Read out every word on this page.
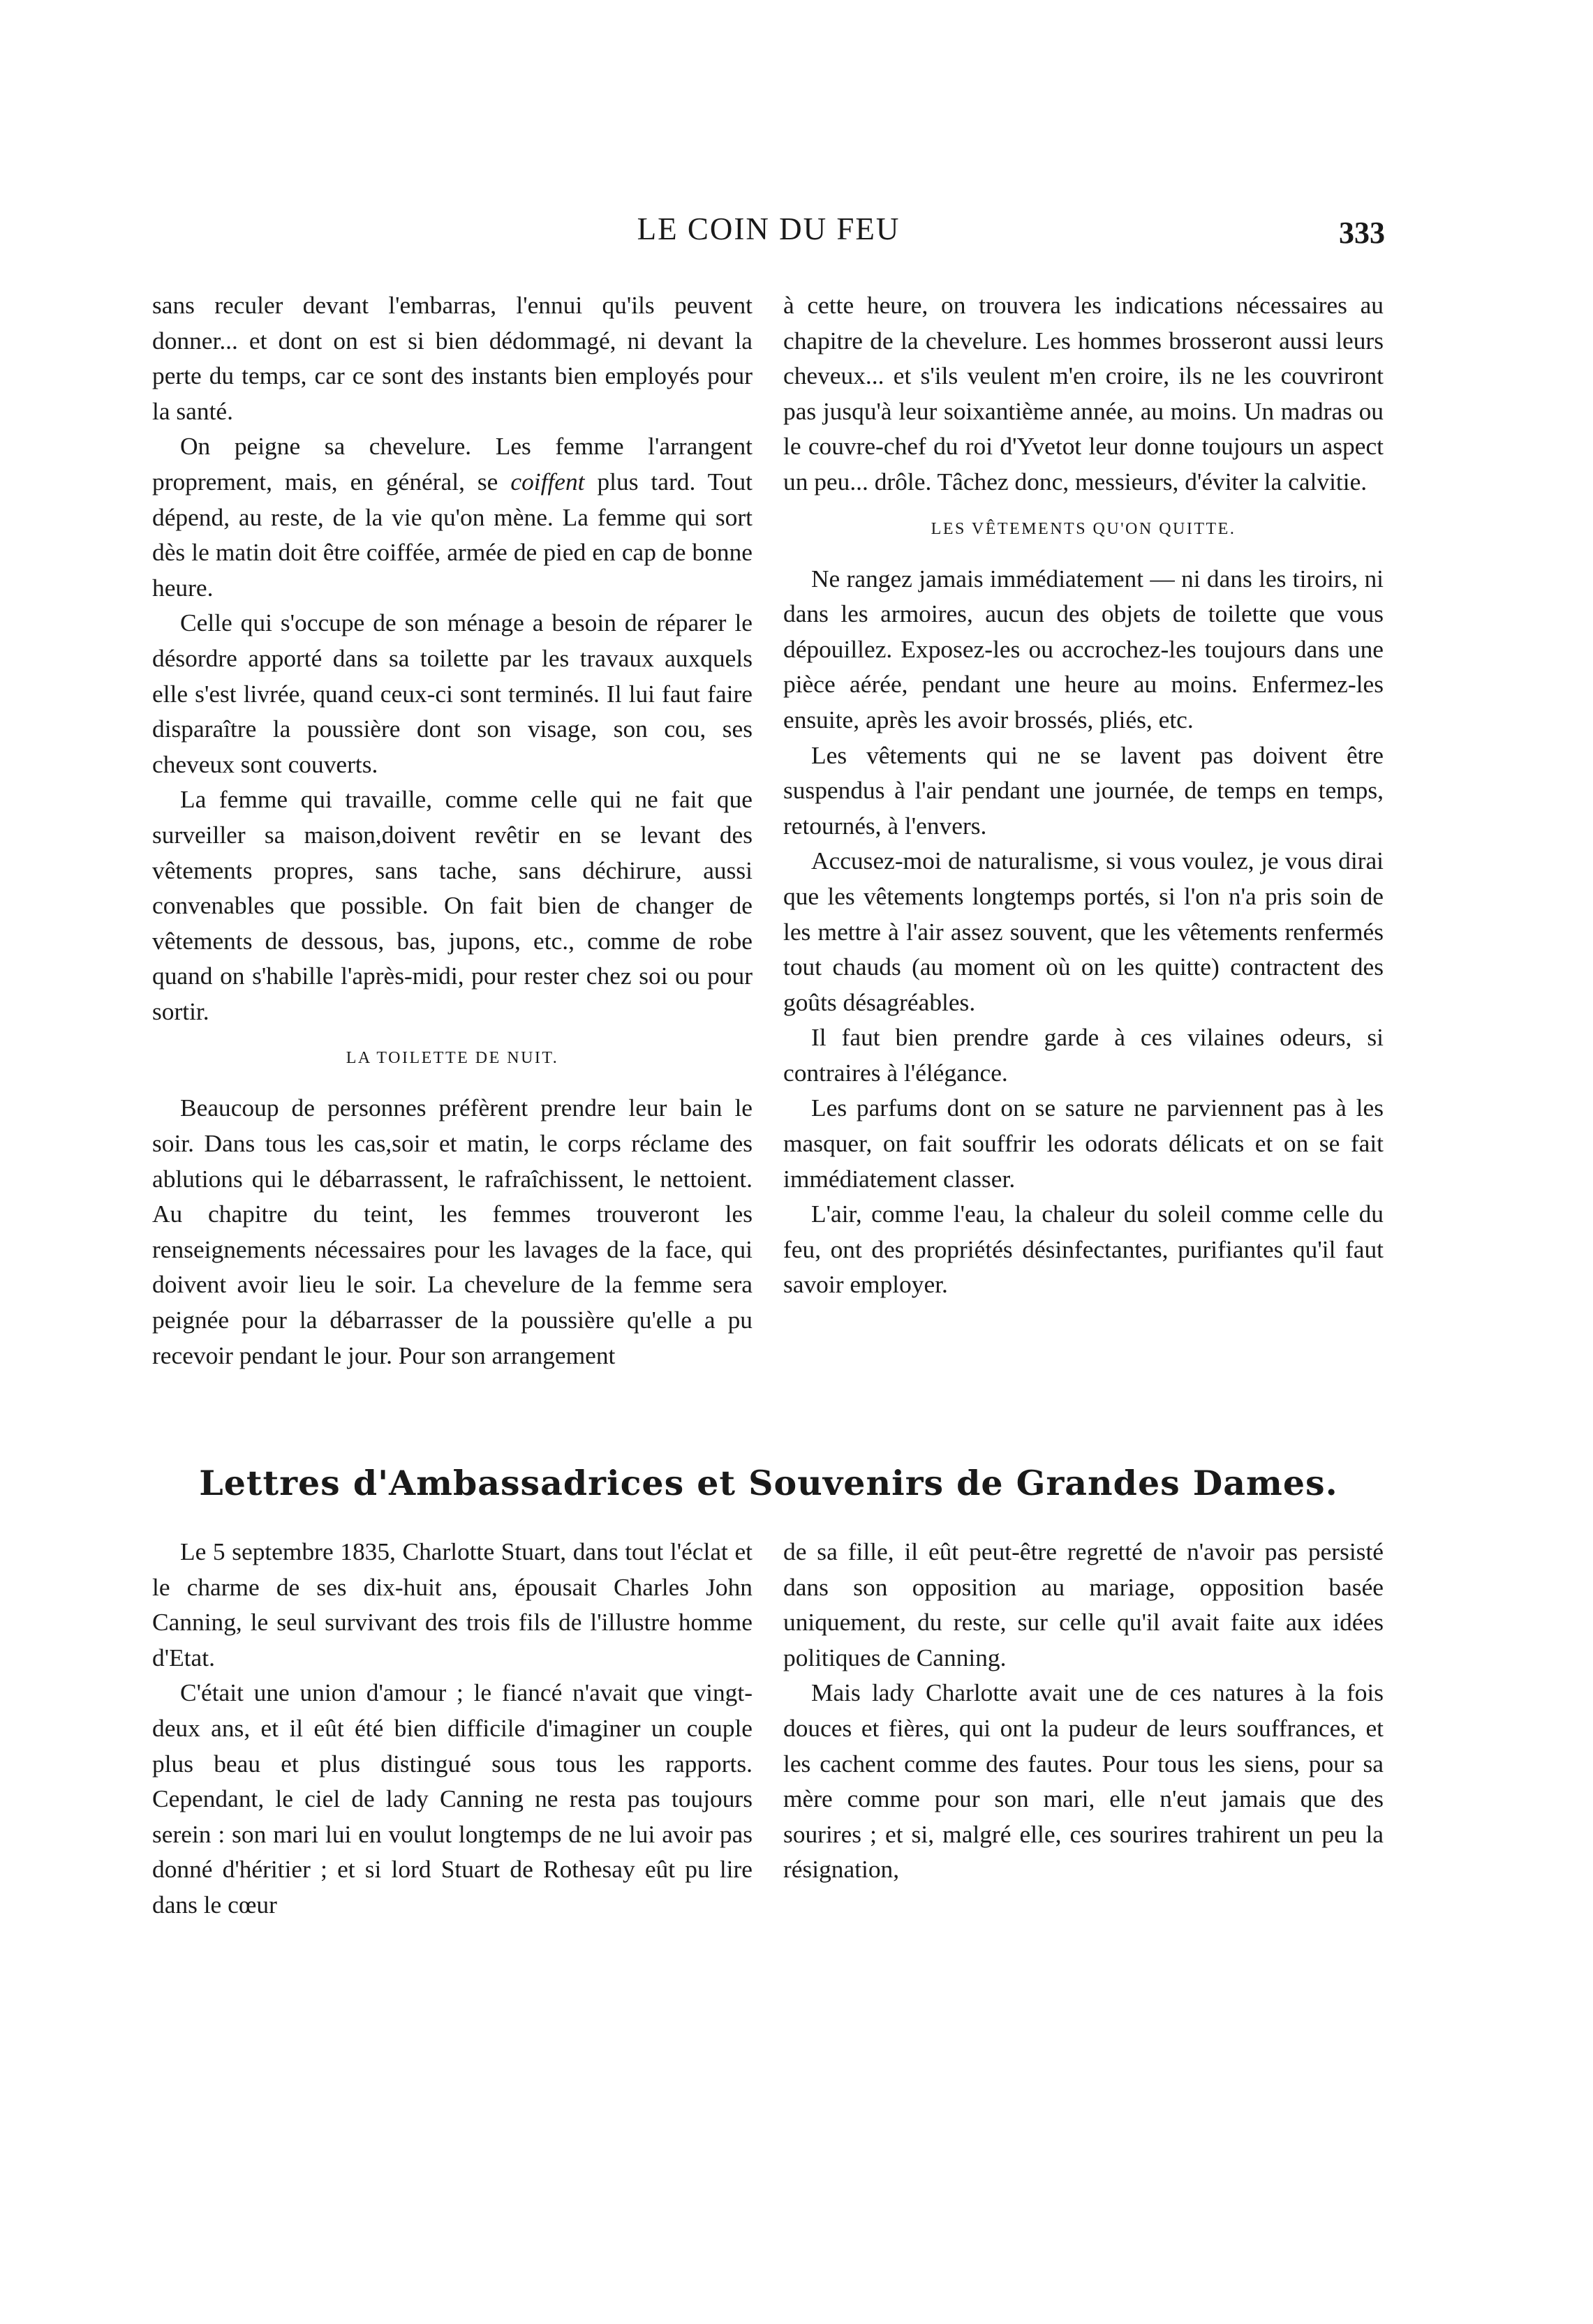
LE COIN DU FEU	333

sans reculer devant l'embarras, l'ennui qu'ils peuvent donner... et dont on est si bien dédommagé, ni devant la perte du temps, car ce sont des instants bien employés pour la santé.

On peigne sa chevelure. Les femme l'arrangent proprement, mais, en général, se coiffent plus tard. Tout dépend, au reste, de la vie qu'on mène. La femme qui sort dès le matin doit être coiffée, armée de pied en cap de bonne heure.

Celle qui s'occupe de son ménage a besoin de réparer le désordre apporté dans sa toilette par les travaux auxquels elle s'est livrée, quand ceux-ci sont terminés. Il lui faut faire disparaître la poussière dont son visage, son cou, ses cheveux sont couverts.

La femme qui travaille, comme celle qui ne fait que surveiller sa maison,doivent revêtir en se levant des vêtements propres, sans tache, sans déchirure, aussi convenables que possible. On fait bien de changer de vêtements de dessous, bas, jupons, etc., comme de robe quand on s'habille l'après-midi, pour rester chez soi ou pour sortir.

LA TOILETTE DE NUIT.

Beaucoup de personnes préfèrent prendre leur bain le soir. Dans tous les cas,soir et matin, le corps réclame des ablutions qui le débarrassent, le rafraîchissent, le nettoient. Au chapitre du teint, les femmes trouveront les renseignements nécessaires pour les lavages de la face, qui doivent avoir lieu le soir. La chevelure de la femme sera peignée pour la débarrasser de la poussière qu'elle a pu recevoir pendant le jour. Pour son arrangement

à cette heure, on trouvera les indications nécessaires au chapitre de la chevelure. Les hommes brosseront aussi leurs cheveux... et s'ils veulent m'en croire, ils ne les couvriront pas jusqu'à leur soixantième année, au moins. Un madras ou le couvre-chef du roi d'Yvetot leur donne toujours un aspect un peu... drôle. Tâchez donc, messieurs, d'éviter la calvitie.

LES VÊTEMENTS QU'ON QUITTE.

Ne rangez jamais immédiatement — ni dans les tiroirs, ni dans les armoires, aucun des objets de toilette que vous dépouillez. Exposez-les ou accrochez-les toujours dans une pièce aérée, pendant une heure au moins. Enfermez-les ensuite, après les avoir brossés, pliés, etc.

Les vêtements qui ne se lavent pas doivent être suspendus à l'air pendant une journée, de temps en temps, retournés, à l'envers.

Accusez-moi de naturalisme, si vous voulez, je vous dirai que les vêtements longtemps portés, si l'on n'a pris soin de les mettre à l'air assez souvent, que les vêtements renfermés tout chauds (au moment où on les quitte) contractent des goûts désagréables.

Il faut bien prendre garde à ces vilaines odeurs, si contraires à l'élégance.

Les parfums dont on se sature ne parviennent pas à les masquer, on fait souffrir les odorats délicats et on se fait immédiatement classer.

L'air, comme l'eau, la chaleur du soleil comme celle du feu, ont des propriétés désinfectantes, purifiantes qu'il faut savoir employer.

Lettres d'Ambassadrices et Souvenirs de Grandes Dames.

Le 5 septembre 1835, Charlotte Stuart, dans tout l'éclat et le charme de ses dix-huit ans, épousait Charles John Canning, le seul survivant des trois fils de l'illustre homme d'Etat.

C'était une union d'amour ; le fiancé n'avait que vingt-deux ans, et il eût été bien difficile d'imaginer un couple plus beau et plus distingué sous tous les rapports. Cependant, le ciel de lady Canning ne resta pas toujours serein : son mari lui en voulut longtemps de ne lui avoir pas donné d'héritier ; et si lord Stuart de Rothesay eût pu lire dans le cœur

de sa fille, il eût peut-être regretté de n'avoir pas persisté dans son opposition au mariage, opposition basée uniquement, du reste, sur celle qu'il avait faite aux idées politiques de Canning.

Mais lady Charlotte avait une de ces natures à la fois douces et fières, qui ont la pudeur de leurs souffrances, et les cachent comme des fautes. Pour tous les siens, pour sa mère comme pour son mari, elle n'eut jamais que des sourires ; et si, malgré elle, ces sourires trahirent un peu la résignation,
